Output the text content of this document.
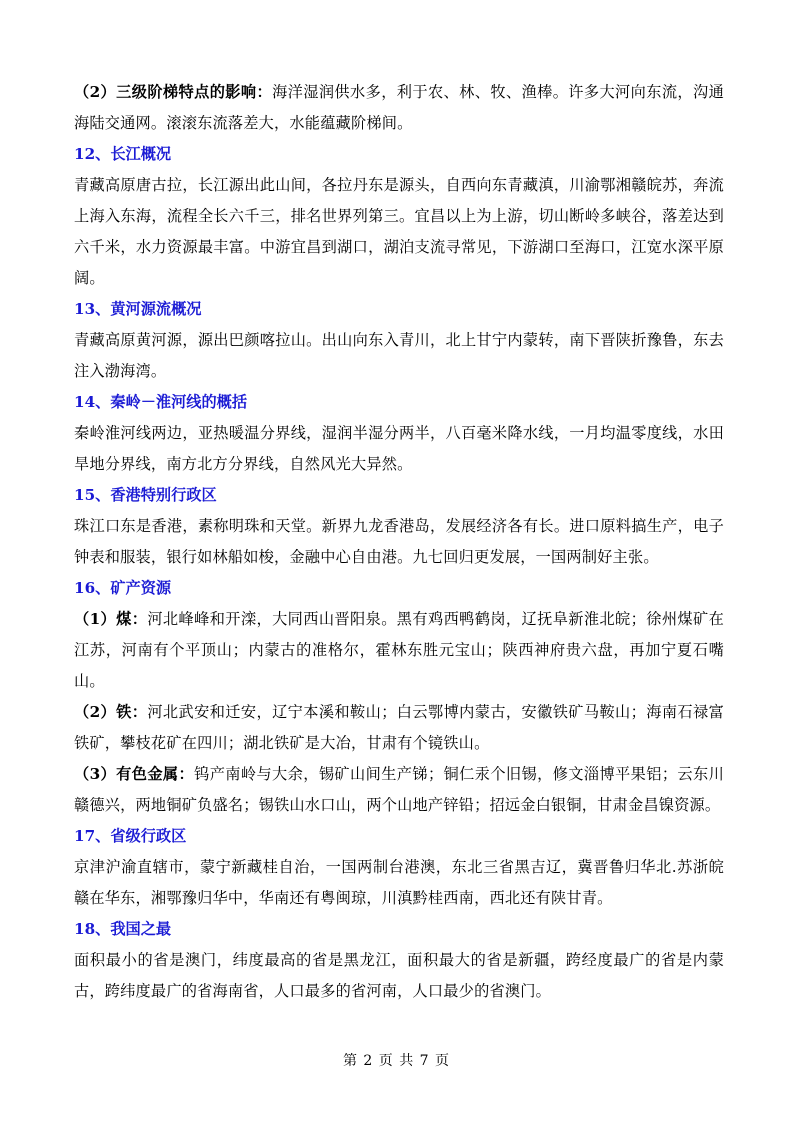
（2）三级阶梯特点的影响：海洋湿润供水多，利于农、林、牧、渔棒。许多大河向东流，沟通海陆交通网。滚滚东流落差大，水能蕴藏阶梯间。
12、长江概况
青藏高原唐古拉，长江源出此山间，各拉丹东是源头，自西向东青藏滇，川渝鄂湘赣皖苏，奔流上海入东海，流程全长六千三，排名世界列第三。宜昌以上为上游，切山断岭多峡谷，落差达到六千米，水力资源最丰富。中游宜昌到湖口，湖泊支流寻常见，下游湖口至海口，江宽水深平原阔。
13、黄河源流概况
青藏高原黄河源，源出巴颜喀拉山。出山向东入青川，北上甘宁内蒙转，南下晋陕折豫鲁，东去注入渤海湾。
14、秦岭－淮河线的概括
秦岭淮河线两边，亚热暖温分界线，湿润半湿分两半，八百毫米降水线，一月均温零度线，水田旱地分界线，南方北方分界线，自然风光大异然。
15、香港特别行政区
珠江口东是香港，素称明珠和天堂。新界九龙香港岛，发展经济各有长。进口原料搞生产，电子钟表和服装，银行如林船如梭，金融中心自由港。九七回归更发展，一国两制好主张。
16、矿产资源
（1）煤：河北峰峰和开滦，大同西山晋阳泉。黑有鸡西鸭鹤岗，辽抚阜新淮北皖；徐州煤矿在江苏，河南有个平顶山；内蒙古的准格尔，霍林东胜元宝山；陕西神府贵六盘，再加宁夏石嘴山。
（2）铁：河北武安和迁安，辽宁本溪和鞍山；白云鄂博内蒙古，安徽铁矿马鞍山；海南石禄富铁矿，攀枝花矿在四川；湖北铁矿是大冶，甘肃有个镜铁山。
（3）有色金属：钨产南岭与大余，锡矿山间生产锑；铜仁汞个旧锡，修文淄博平果铝；云东川赣德兴，两地铜矿负盛名；锡铁山水口山，两个山地产锌铅；招远金白银铜，甘肃金昌镍资源。
17、省级行政区
京津沪渝直辖市，蒙宁新藏桂自治，一国两制台港澳，东北三省黑吉辽，冀晋鲁归华北.苏浙皖赣在华东，湘鄂豫归华中，华南还有粤闽琼，川滇黔桂西南，西北还有陕甘青。
18、我国之最
面积最小的省是澳门，纬度最高的省是黑龙江，面积最大的省是新疆，跨经度最广的省是内蒙古，跨纬度最广的省海南省，人口最多的省河南，人口最少的省澳门。
第 2 页 共 7 页
